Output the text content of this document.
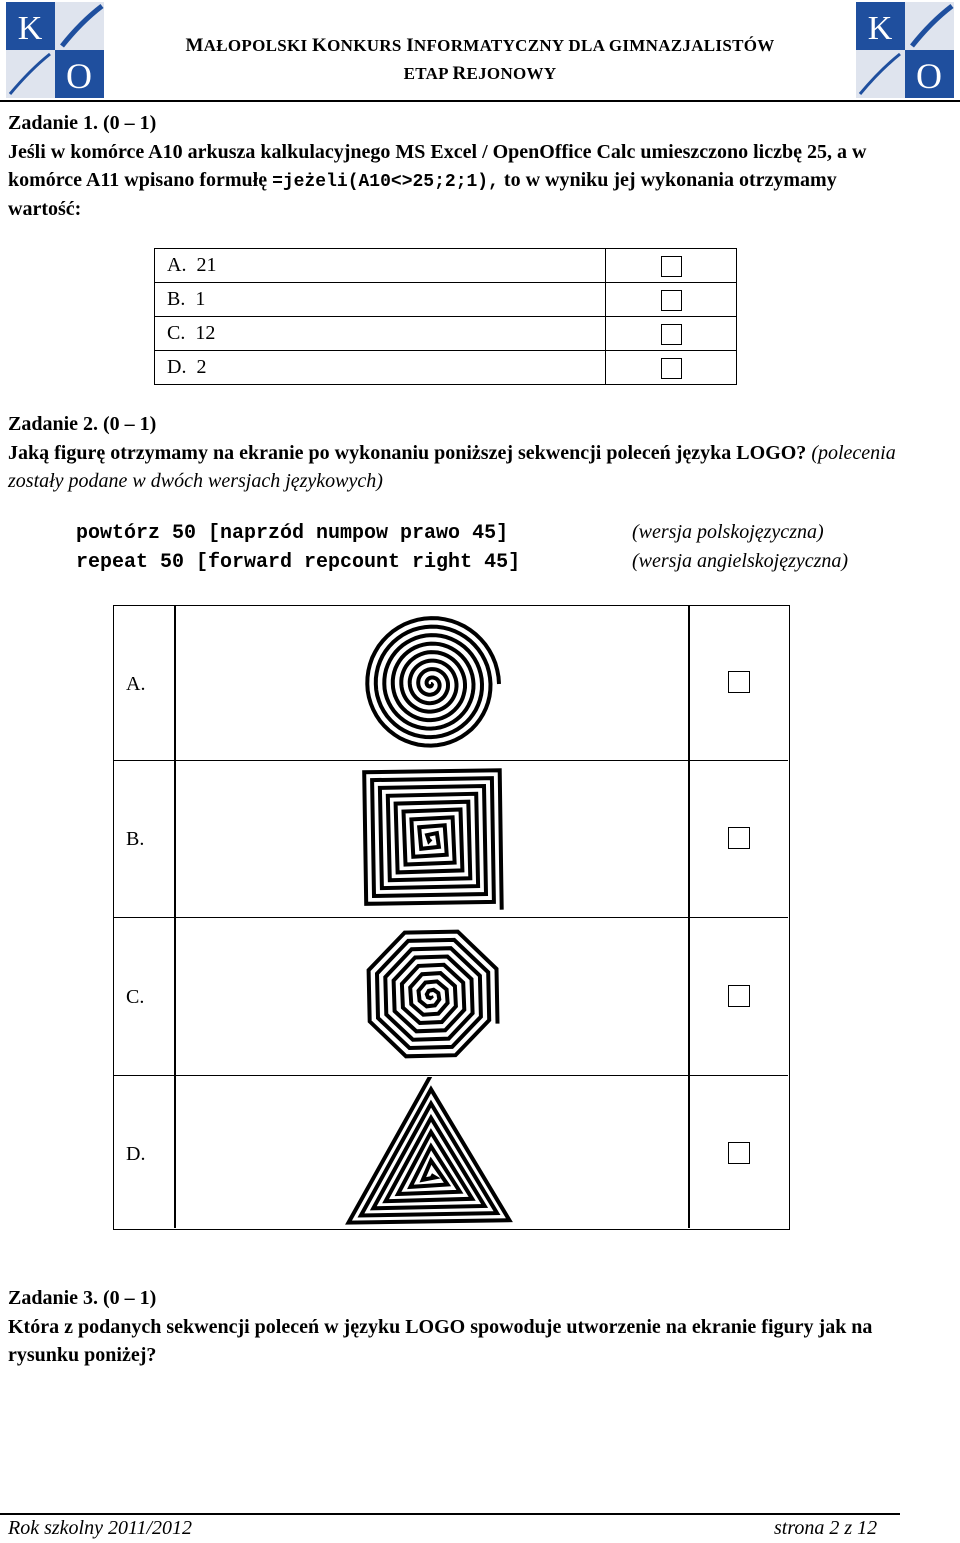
K
O
K
O
MAŁOPOLSKI KONKURS INFORMATYCZNY DLA GIMNAZJALISTÓW
ETAP REJONOWY
Zadanie 1. (0 – 1)
Jeśli w komórce A10 arkusza kalkulacyjnego MS Excel / OpenOffice Calc umieszczono liczbę 25, a w komórce A11 wpisano formułę =jeżeli(A10<>25;2;1), to w wyniku jej wykonania otrzymamy wartość:
A. 21	
B. 1	
C. 12	
D. 2	
Zadanie 2. (0 – 1)
Jaką figurę otrzymamy na ekranie po wykonaniu poniższej sekwencji poleceń języka LOGO? (polecenia zostały podane w dwóch wersjach językowych)
powtórz 50 [naprzód numpow prawo 45]	(wersja polskojęzyczna)
repeat 50 [forward repcount right 45]	(wersja angielskojęzyczna)
A.
B.
C.
D.
Zadanie 3. (0 – 1)
Która z podanych sekwencji poleceń w języku LOGO spowoduje utworzenie na ekranie figury jak na rysunku poniżej?
Rok szkolny 2011/2012	strona 2 z 12
